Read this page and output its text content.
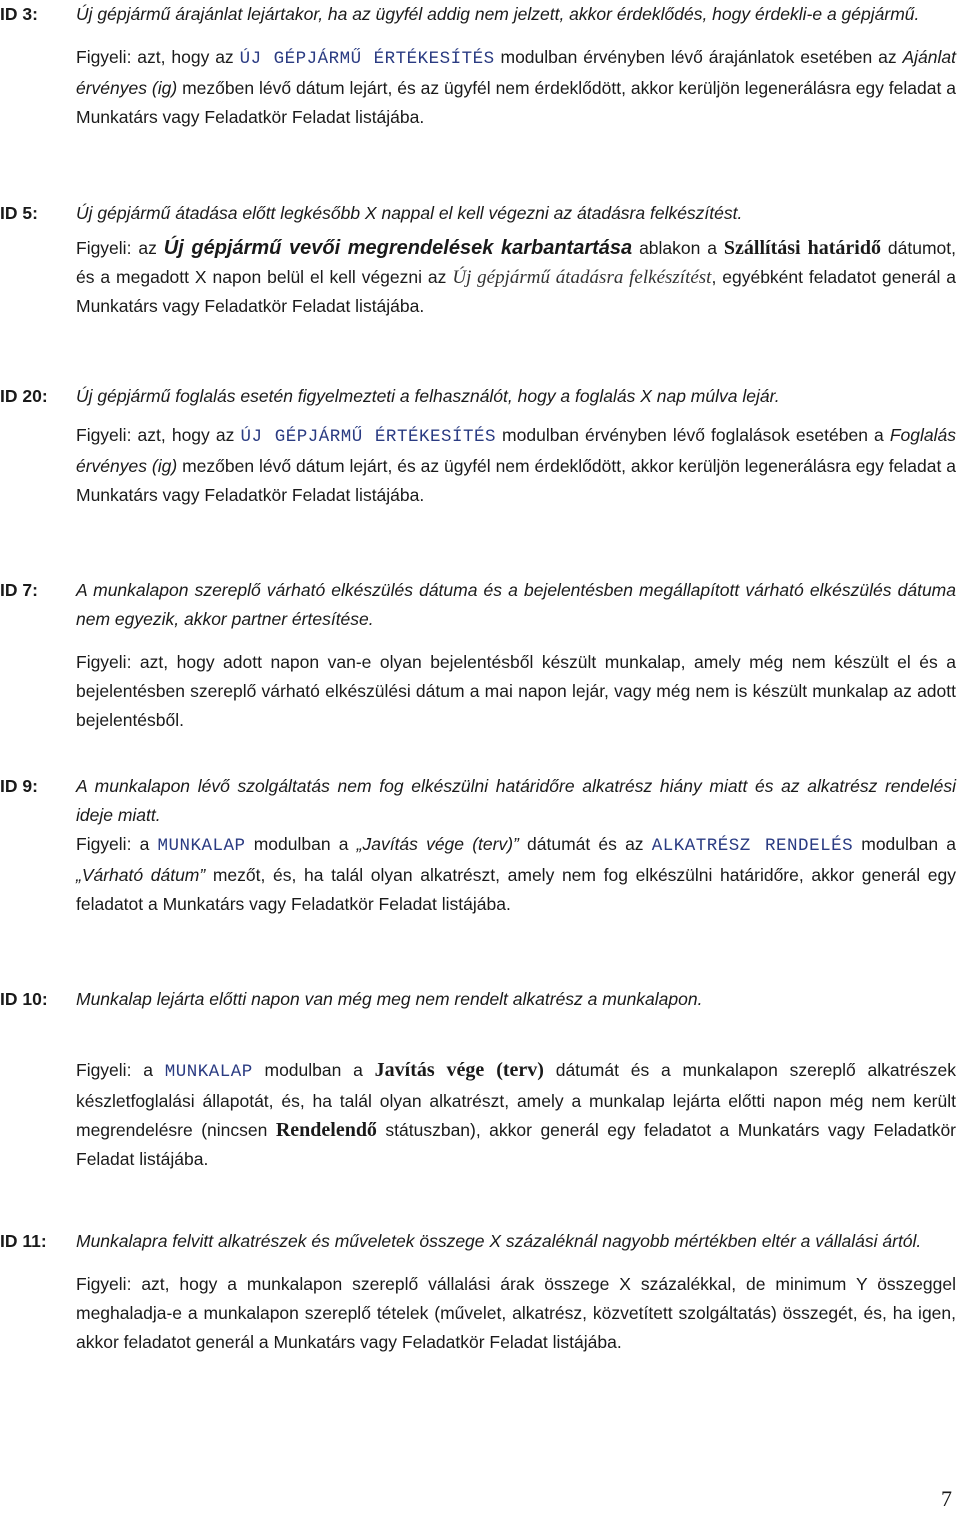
ID 3: Új gépjármű árajánlat lejártakor, ha az ügyfél addig nem jelzett, akkor érdeklődés, hogy érdekli-e a gépjármű.

Figyeli: azt, hogy az ÚJ GÉPJÁRMŰ ÉRTÉKESÍTÉS modulban érvényben lévő árajánlatok esetében az Ajánlat érvényes (ig) mezőben lévő dátum lejárt, és az ügyfél nem érdeklődött, akkor kerüljön legenerálásra egy feladat a Munkatárs vagy Feladatkör Feladat listájába.

ID 5: Új gépjármű átadása előtt legkésőbb X nappal el kell végezni az átadásra felkészítést.

Figyeli: az Új gépjármű vevői megrendelések karbantartása ablakon a Szállítási határidő dátumot, és a megadott X napon belül el kell végezni az Új gépjármű átadásra felkészítést, egyébként feladatot generál a Munkatárs vagy Feladatkör Feladat listájába.

ID 20: Új gépjármű foglalás esetén figyelmezteti a felhasználót, hogy a foglalás X nap múlva lejár.

Figyeli: azt, hogy az ÚJ GÉPJÁRMŰ ÉRTÉKESÍTÉS modulban érvényben lévő foglalások esetében a Foglalás érvényes (ig) mezőben lévő dátum lejárt, és az ügyfél nem érdeklődött, akkor kerüljön legenerálásra egy feladat a Munkatárs vagy Feladatkör Feladat listájába.

ID 7: A munkalapon szereplő várható elkészülés dátuma és a bejelentésben megállapított várható elkészülés dátuma nem egyezik, akkor partner értesítése.

Figyeli: azt, hogy adott napon van-e olyan bejelentésből készült munkalap, amely még nem készült el és a bejelentésben szereplő várható elkészülési dátum a mai napon lejár, vagy még nem is készült munkalap az adott bejelentésből.

ID 9: A munkalapon lévő szolgáltatás nem fog elkészülni határidőre alkatrész hiány miatt és az alkatrész rendelési ideje miatt.

Figyeli: a MUNKALAP modulban a „Javítás vége (terv)” dátumát és az ALKATRÉSZ RENDELÉS modulban a „Várható dátum” mezőt, és, ha talál olyan alkatrészt, amely nem fog elkészülni határidőre, akkor generál egy feladatot a Munkatárs vagy Feladatkör Feladat listájába.

ID 10: Munkalap lejárta előtti napon van még meg nem rendelt alkatrész a munkalapon.

Figyeli: a MUNKALAP modulban a Javítás vége (terv) dátumát és a munkalapon szereplő alkatrészek készletfoglalási állapotát, és, ha talál olyan alkatrészt, amely a munkalap lejárta előtti napon még nem került megrendelésre (nincsen Rendelendő státuszban), akkor generál egy feladatot a Munkatárs vagy Feladatkör Feladat listájába.

ID 11: Munkalapra felvitt alkatrészek és műveletek összege X százaléknál nagyobb mértékben eltér a vállalási ártól.

Figyeli: azt, hogy a munkalapon szereplő vállalási árak összege X százalékkal, de minimum Y összeggel meghaladja-e a munkalapon szereplő tételek (művelet, alkatrész, közvetített szolgáltatás) összegét, és, ha igen, akkor feladatot generál a Munkatárs vagy Feladatkör Feladat listájába.

7
